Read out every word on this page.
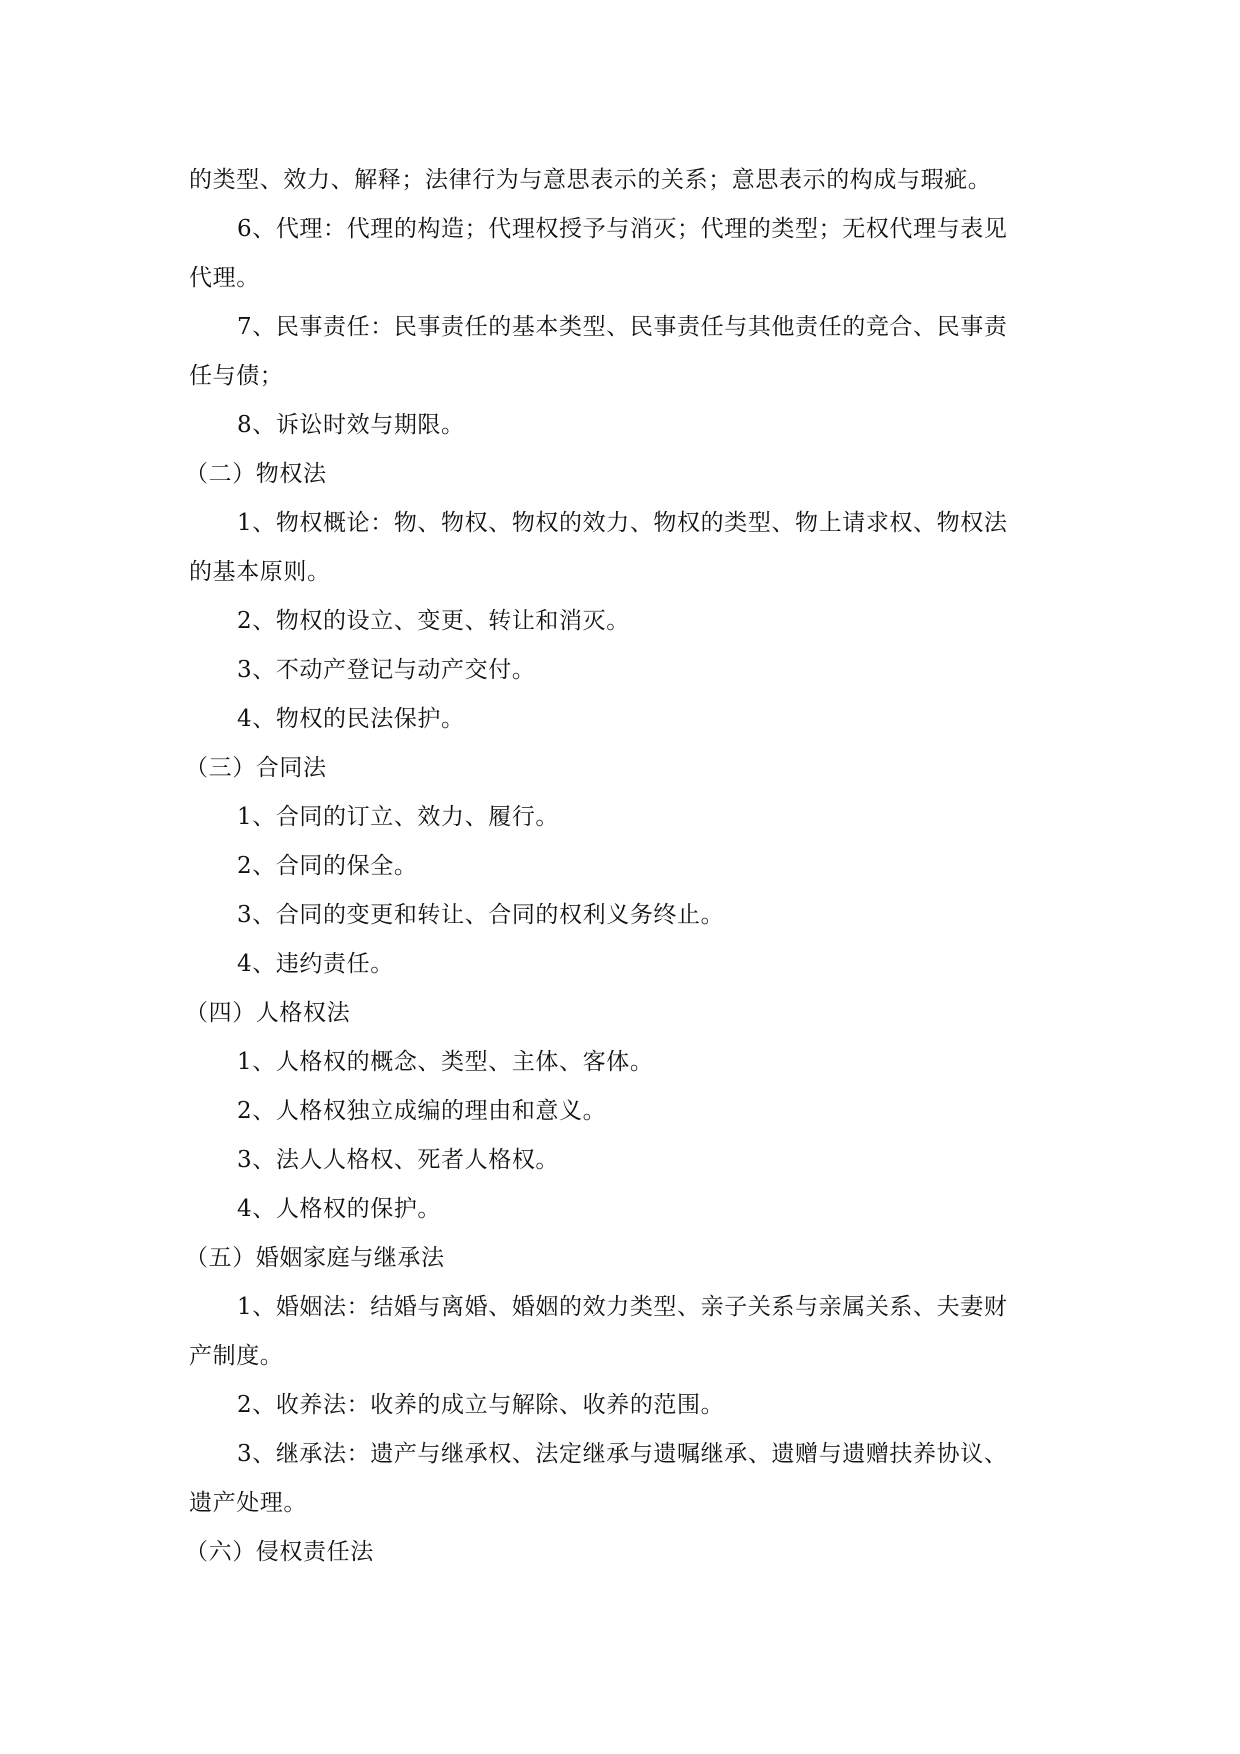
的类型、效力、解释；法律行为与意思表示的关系；意思表示的构成与瑕疵。
6、代理：代理的构造；代理权授予与消灭；代理的类型；无权代理与表见
代理。
7、民事责任：民事责任的基本类型、民事责任与其他责任的竞合、民事责
任与债；
8、诉讼时效与期限。
（二）物权法
1、物权概论：物、物权、物权的效力、物权的类型、物上请求权、物权法
的基本原则。
2、物权的设立、变更、转让和消灭。
3、不动产登记与动产交付。
4、物权的民法保护。
（三）合同法
1、合同的订立、效力、履行。
2、合同的保全。
3、合同的变更和转让、合同的权利义务终止。
4、违约责任。
（四）人格权法
1、人格权的概念、类型、主体、客体。
2、人格权独立成编的理由和意义。
3、法人人格权、死者人格权。
4、人格权的保护。
（五）婚姻家庭与继承法
1、婚姻法：结婚与离婚、婚姻的效力类型、亲子关系与亲属关系、夫妻财
产制度。
2、收养法：收养的成立与解除、收养的范围。
3、继承法：遗产与继承权、法定继承与遗嘱继承、遗赠与遗赠扶养协议、
遗产处理。
（六）侵权责任法
